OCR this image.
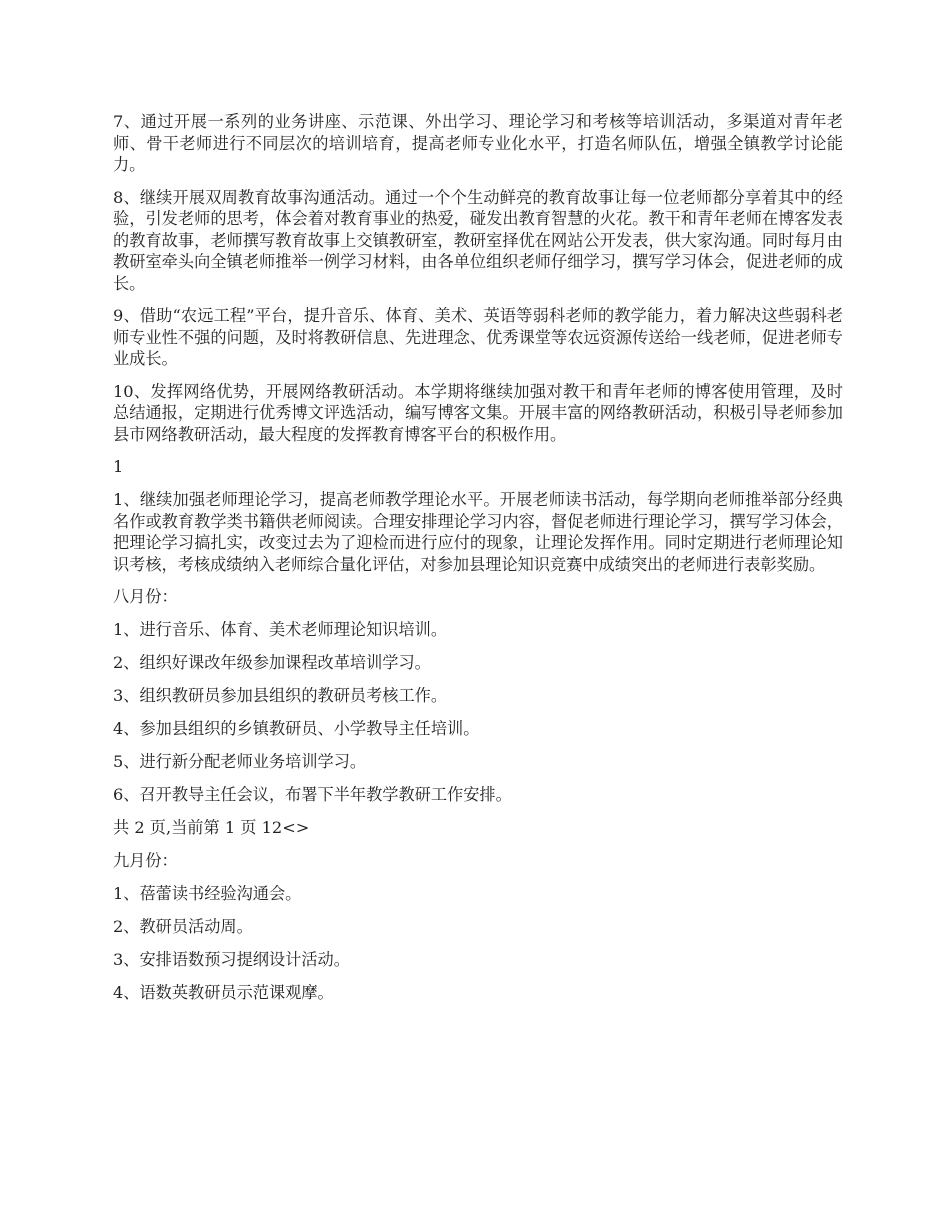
7、通过开展一系列的业务讲座、示范课、外出学习、理论学习和考核等培训活动，多渠道对青年老师、骨干老师进行不同层次的培训培育，提高老师专业化水平，打造名师队伍，增强全镇教学讨论能力。

8、继续开展双周教育故事沟通活动。通过一个个生动鲜亮的教育故事让每一位老师都分享着其中的经验，引发老师的思考，体会着对教育事业的热爱，碰发出教育智慧的火花。教干和青年老师在博客发表的教育故事，老师撰写教育故事上交镇教研室，教研室择优在网站公开发表，供大家沟通。同时每月由教研室牵头向全镇老师推举一例学习材料，由各单位组织老师仔细学习，撰写学习体会，促进老师的成长。

9、借助“农远工程”平台，提升音乐、体育、美术、英语等弱科老师的教学能力，着力解决这些弱科老师专业性不强的问题，及时将教研信息、先进理念、优秀课堂等农远资源传送给一线老师，促进老师专业成长。

10、发挥网络优势，开展网络教研活动。本学期将继续加强对教干和青年老师的博客使用管理，及时总结通报，定期进行优秀博文评选活动，编写博客文集。开展丰富的网络教研活动，积极引导老师参加县市网络教研活动，最大程度的发挥教育博客平台的积极作用。

1

1、继续加强老师理论学习，提高老师教学理论水平。开展老师读书活动，每学期向老师推举部分经典名作或教育教学类书籍供老师阅读。合理安排理论学习内容，督促老师进行理论学习，撰写学习体会，把理论学习搞扎实，改变过去为了迎检而进行应付的现象，让理论发挥作用。同时定期进行老师理论知识考核，考核成绩纳入老师综合量化评估，对参加县理论知识竞赛中成绩突出的老师进行表彰奖励。

八月份：

1、进行音乐、体育、美术老师理论知识培训。

2、组织好课改年级参加课程改革培训学习。

3、组织教研员参加县组织的教研员考核工作。

4、参加县组织的乡镇教研员、小学教导主任培训。

5、进行新分配老师业务培训学习。

6、召开教导主任会议，布署下半年教学教研工作安排。

共 2 页,当前第 1 页 12<>

九月份：

1、蓓蕾读书经验沟通会。

2、教研员活动周。

3、安排语数预习提纲设计活动。

4、语数英教研员示范课观摩。
